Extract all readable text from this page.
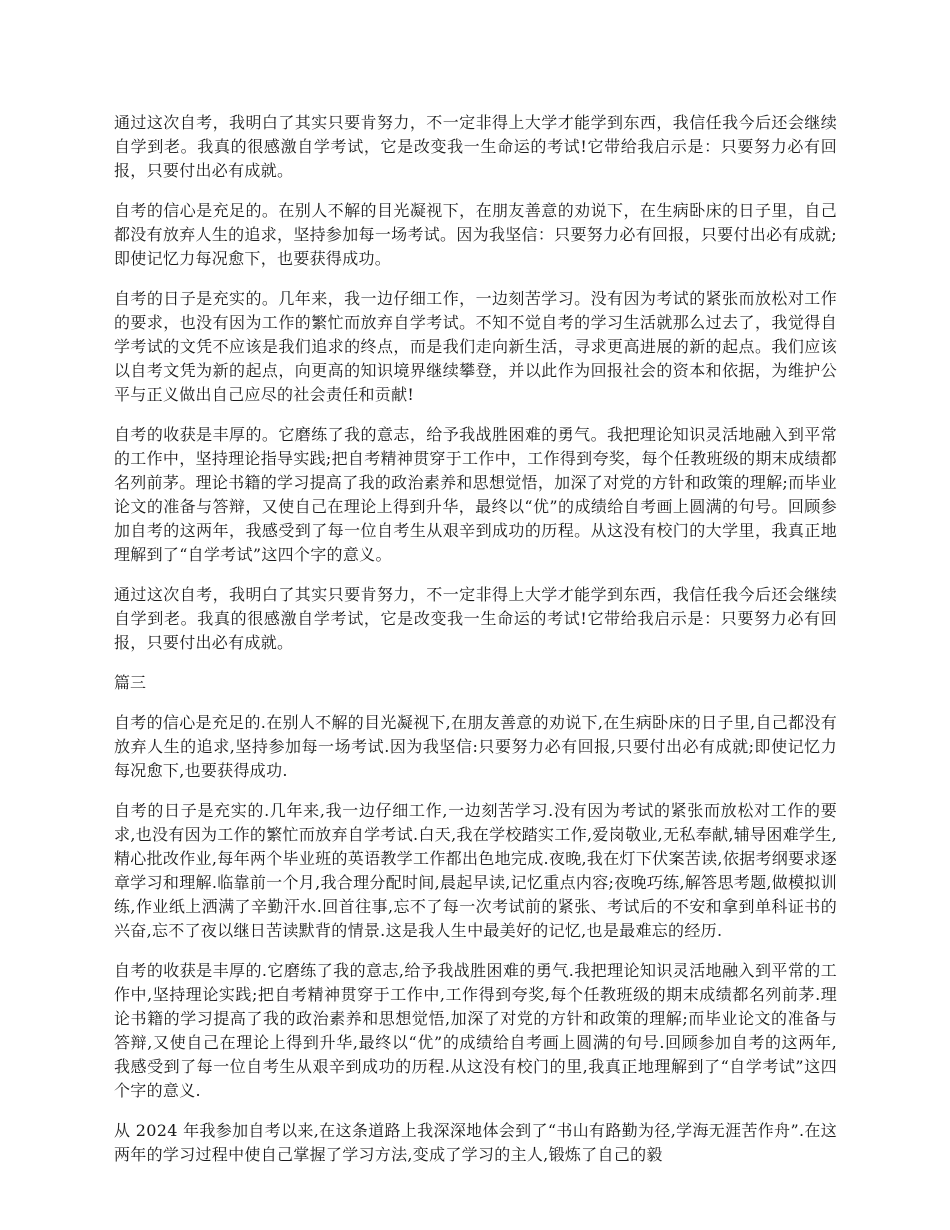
通过这次自考，我明白了其实只要肯努力，不一定非得上大学才能学到东西，我信任我今后还会继续自学到老。我真的很感激自学考试，它是改变我一生命运的考试!它带给我启示是：只要努力必有回报，只要付出必有成就。

自考的信心是充足的。在别人不解的目光凝视下，在朋友善意的劝说下，在生病卧床的日子里，自己都没有放弃人生的追求，坚持参加每一场考试。因为我坚信：只要努力必有回报，只要付出必有成就;即使记忆力每况愈下，也要获得成功。

自考的日子是充实的。几年来，我一边仔细工作，一边刻苦学习。没有因为考试的紧张而放松对工作的要求，也没有因为工作的繁忙而放弃自学考试。不知不觉自考的学习生活就那么过去了，我觉得自学考试的文凭不应该是我们追求的终点，而是我们走向新生活，寻求更高进展的新的起点。我们应该以自考文凭为新的起点，向更高的知识境界继续攀登，并以此作为回报社会的资本和依据，为维护公平与正义做出自己应尽的社会责任和贡献!

自考的收获是丰厚的。它磨练了我的意志，给予我战胜困难的勇气。我把理论知识灵活地融入到平常的工作中，坚持理论指导实践;把自考精神贯穿于工作中，工作得到夸奖，每个任教班级的期末成绩都名列前茅。理论书籍的学习提高了我的政治素养和思想觉悟，加深了对党的方针和政策的理解;而毕业论文的准备与答辩，又使自己在理论上得到升华，最终以“优”的成绩给自考画上圆满的句号。回顾参加自考的这两年，我感受到了每一位自考生从艰辛到成功的历程。从这没有校门的大学里，我真正地理解到了“自学考试”这四个字的意义。

通过这次自考，我明白了其实只要肯努力，不一定非得上大学才能学到东西，我信任我今后还会继续自学到老。我真的很感激自学考试，它是改变我一生命运的考试!它带给我启示是：只要努力必有回报，只要付出必有成就。

篇三

自考的信心是充足的.在别人不解的目光凝视下,在朋友善意的劝说下,在生病卧床的日子里,自己都没有放弃人生的追求,坚持参加每一场考试.因为我坚信:只要努力必有回报,只要付出必有成就;即使记忆力每况愈下,也要获得成功.

自考的日子是充实的.几年来,我一边仔细工作,一边刻苦学习.没有因为考试的紧张而放松对工作的要求,也没有因为工作的繁忙而放弃自学考试.白天,我在学校踏实工作,爱岗敬业,无私奉献,辅导困难学生,精心批改作业,每年两个毕业班的英语教学工作都出色地完成.夜晚,我在灯下伏案苦读,依据考纲要求逐章学习和理解.临靠前一个月,我合理分配时间,晨起早读,记忆重点内容;夜晚巧练,解答思考题,做模拟训练,作业纸上洒满了辛勤汗水.回首往事,忘不了每一次考试前的紧张、考试后的不安和拿到单科证书的兴奋,忘不了夜以继日苦读默背的情景.这是我人生中最美好的记忆,也是最难忘的经历.

自考的收获是丰厚的.它磨练了我的意志,给予我战胜困难的勇气.我把理论知识灵活地融入到平常的工作中,坚持理论实践;把自考精神贯穿于工作中,工作得到夸奖,每个任教班级的期末成绩都名列前茅.理论书籍的学习提高了我的政治素养和思想觉悟,加深了对党的方针和政策的理解;而毕业论文的准备与答辩,又使自己在理论上得到升华,最终以“优”的成绩给自考画上圆满的句号.回顾参加自考的这两年,我感受到了每一位自考生从艰辛到成功的历程.从这没有校门的里,我真正地理解到了“自学考试”这四个字的意义.

从 2024 年我参加自考以来,在这条道路上我深深地体会到了“书山有路勤为径,学海无涯苦作舟”.在这两年的学习过程中使自己掌握了学习方法,变成了学习的主人,锻炼了自己的毅
